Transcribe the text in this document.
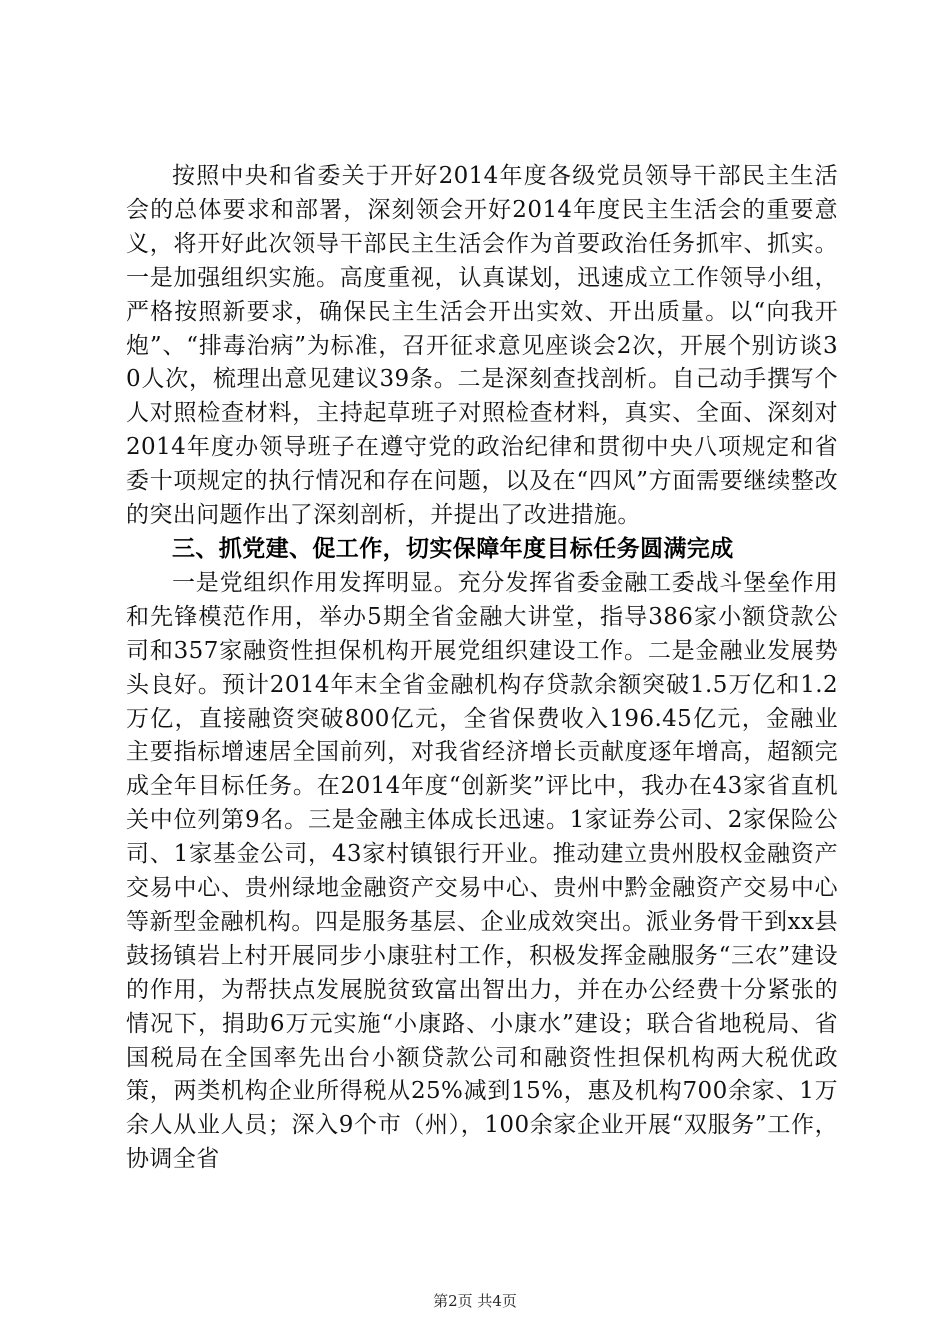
按照中央和省委关于开好2014年度各级党员领导干部民主生活会的总体要求和部署，深刻领会开好2014年度民主生活会的重要意义，将开好此次领导干部民主生活会作为首要政治任务抓牢、抓实。一是加强组织实施。高度重视，认真谋划，迅速成立工作领导小组，严格按照新要求，确保民主生活会开出实效、开出质量。以“向我开炮”、“排毒治病”为标准，召开征求意见座谈会2次，开展个别访谈30人次，梳理出意见建议39条。二是深刻查找剖析。自己动手撰写个人对照检查材料，主持起草班子对照检查材料，真实、全面、深刻对2014年度办领导班子在遵守党的政治纪律和贯彻中央八项规定和省委十项规定的执行情况和存在问题，以及在“四风”方面需要继续整改的突出问题作出了深刻剖析，并提出了改进措施。

三、抓党建、促工作，切实保障年度目标任务圆满完成

一是党组织作用发挥明显。充分发挥省委金融工委战斗堡垒作用和先锋模范作用，举办5期全省金融大讲堂，指导386家小额贷款公司和357家融资性担保机构开展党组织建设工作。二是金融业发展势头良好。预计2014年末全省金融机构存贷款余额突破1.5万亿和1.2万亿，直接融资突破800亿元，全省保费收入196.45亿元，金融业主要指标增速居全国前列，对我省经济增长贡献度逐年增高，超额完成全年目标任务。在2014年度“创新奖”评比中，我办在43家省直机关中位列第9名。三是金融主体成长迅速。1家证券公司、2家保险公司、1家基金公司，43家村镇银行开业。推动建立贵州股权金融资产交易中心、贵州绿地金融资产交易中心、贵州中黔金融资产交易中心等新型金融机构。四是服务基层、企业成效突出。派业务骨干到xx县鼓扬镇岩上村开展同步小康驻村工作，积极发挥金融服务“三农”建设的作用，为帮扶点发展脱贫致富出智出力，并在办公经费十分紧张的情况下，捐助6万元实施“小康路、小康水”建设；联合省地税局、省国税局在全国率先出台小额贷款公司和融资性担保机构两大税优政策，两类机构企业所得税从25%减到15%，惠及机构700余家、1万余人从业人员；深入9个市（州），100余家企业开展“双服务”工作，协调全省

第2页 共4页
